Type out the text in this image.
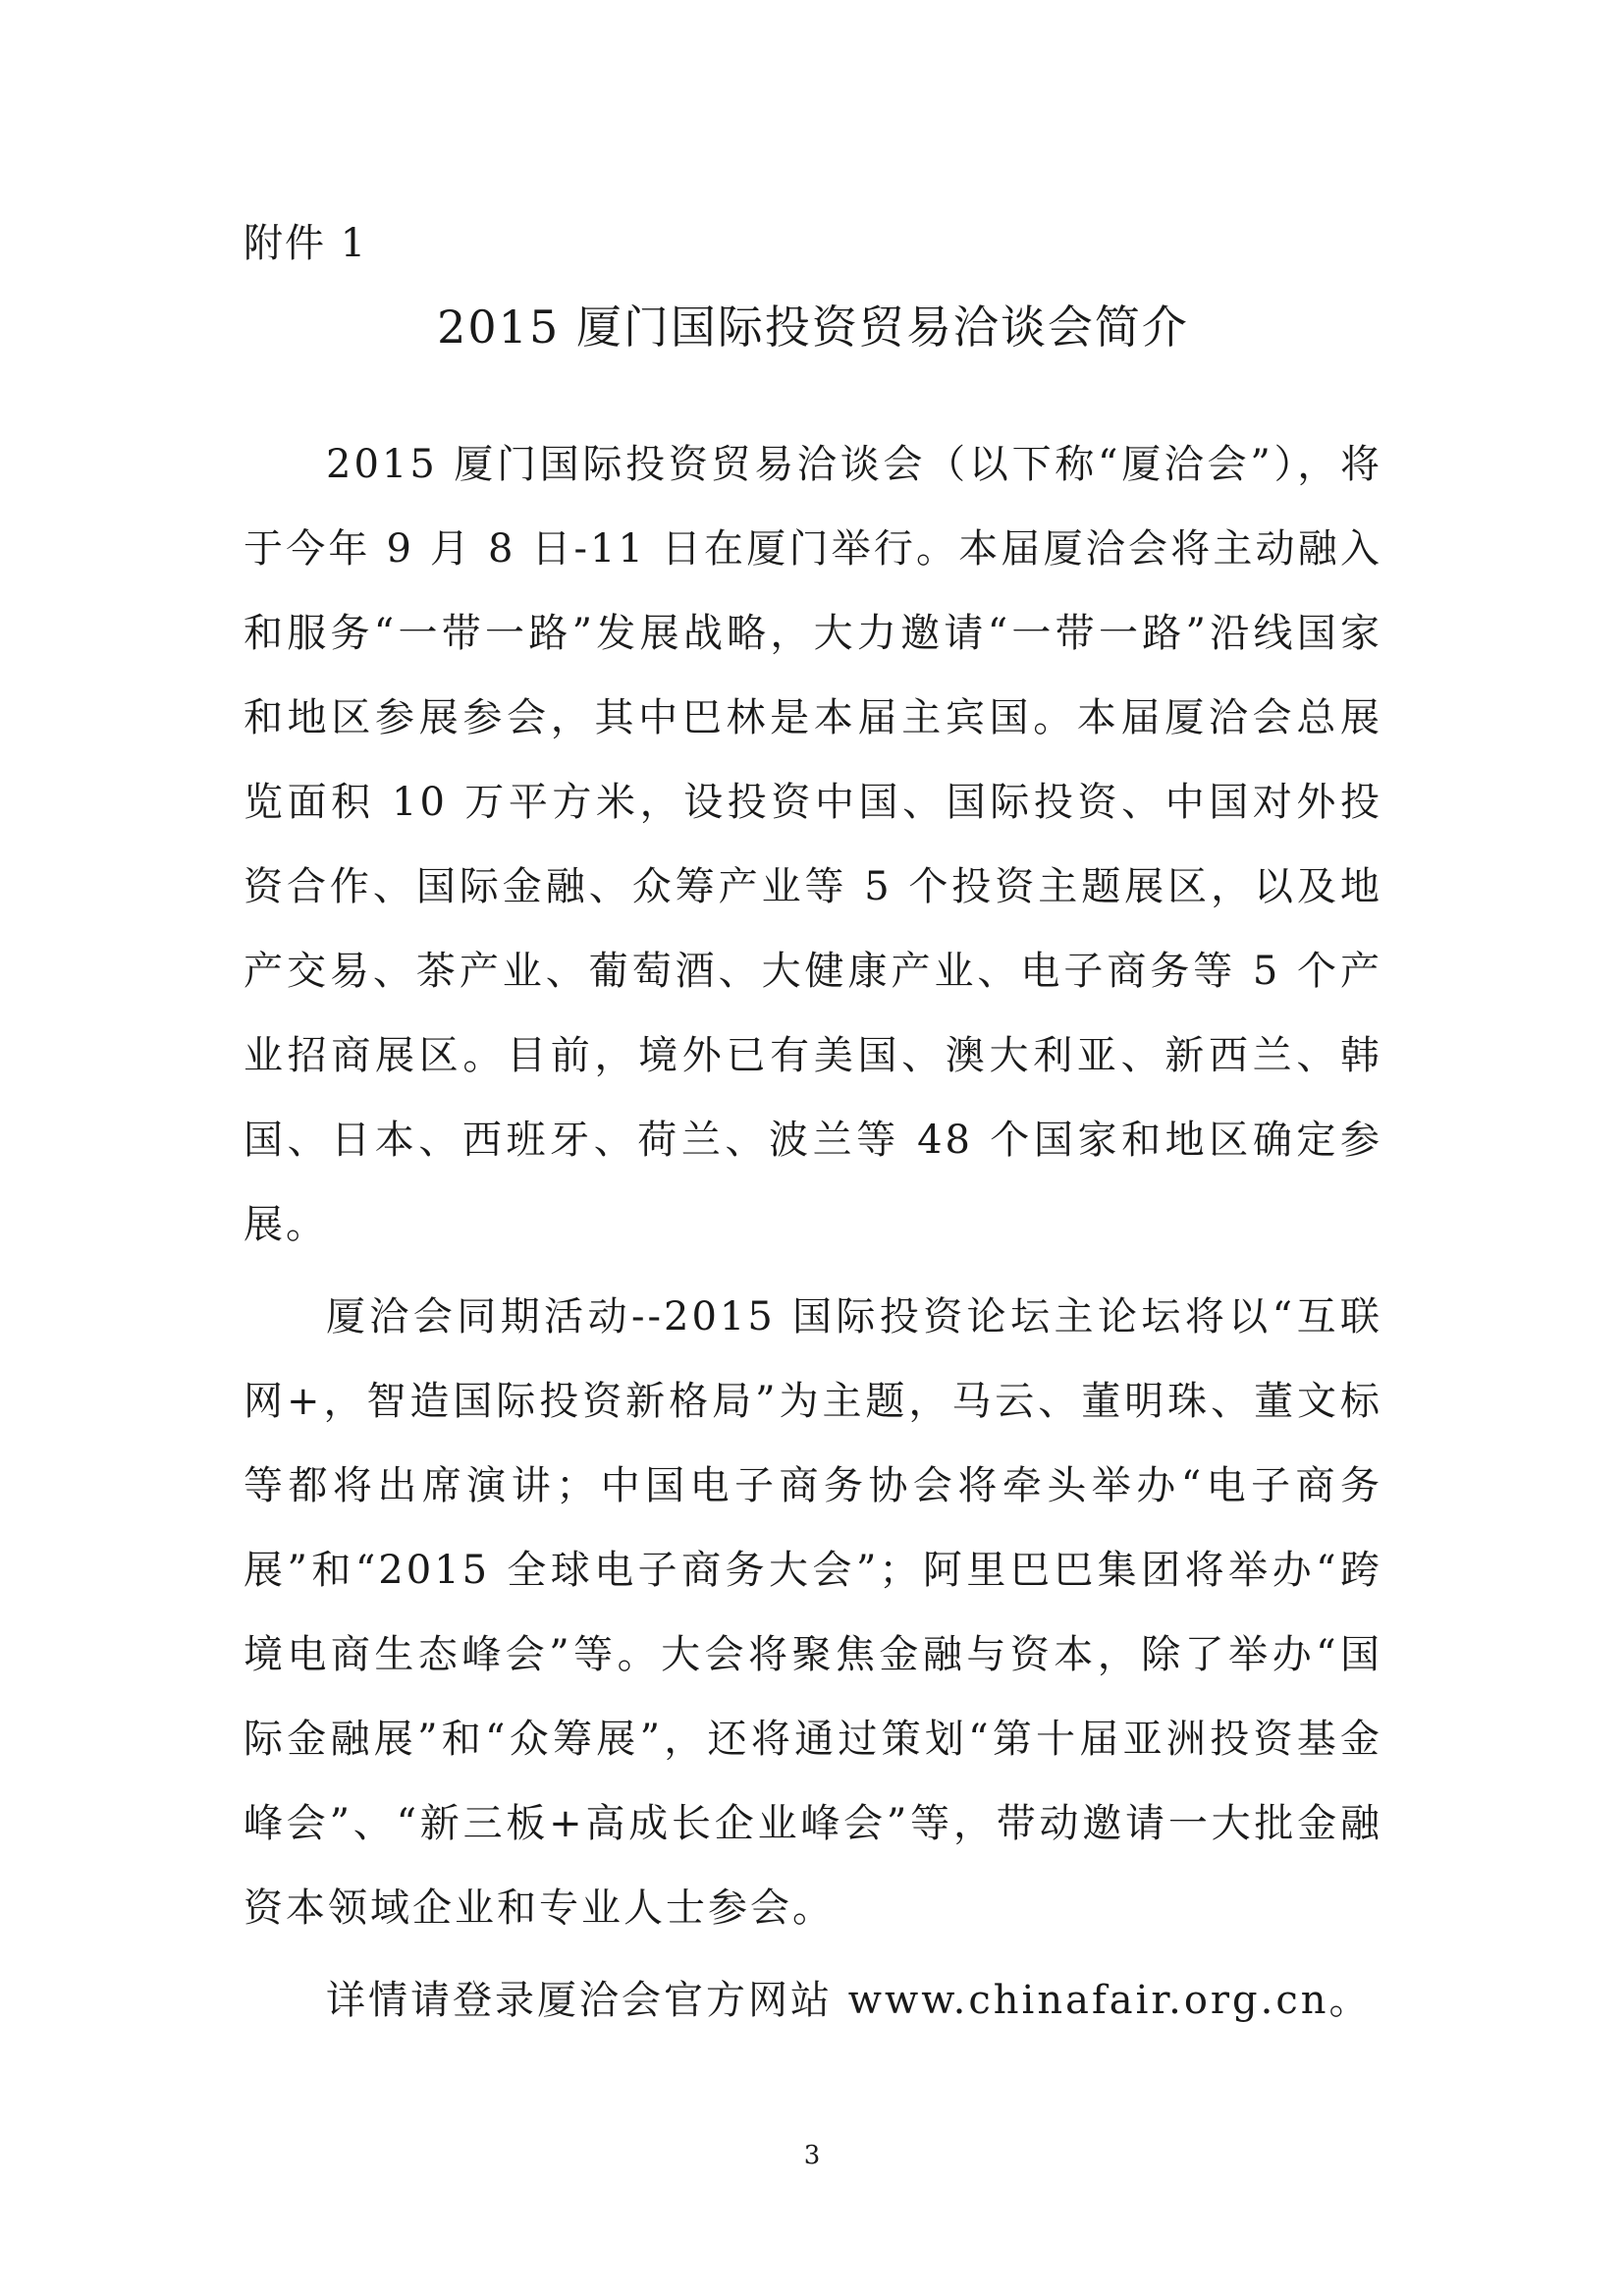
附件 1

2015 厦门国际投资贸易洽谈会简介

2015 厦门国际投资贸易洽谈会（以下称“厦洽会”），将于今年 9 月 8 日-11 日在厦门举行。本届厦洽会将主动融入和服务“一带一路”发展战略，大力邀请“一带一路”沿线国家和地区参展参会，其中巴林是本届主宾国。本届厦洽会总展览面积 10 万平方米，设投资中国、国际投资、中国对外投资合作、国际金融、众筹产业等 5 个投资主题展区，以及地产交易、茶产业、葡萄酒、大健康产业、电子商务等 5 个产业招商展区。目前，境外已有美国、澳大利亚、新西兰、韩国、日本、西班牙、荷兰、波兰等 48 个国家和地区确定参展。

厦洽会同期活动--2015 国际投资论坛主论坛将以“互联网+，智造国际投资新格局”为主题，马云、董明珠、董文标等都将出席演讲；中国电子商务协会将牵头举办“电子商务展”和“2015 全球电子商务大会”；阿里巴巴集团将举办“跨境电商生态峰会”等。大会将聚焦金融与资本，除了举办“国际金融展”和“众筹展”，还将通过策划“第十届亚洲投资基金峰会”、“新三板+高成长企业峰会”等，带动邀请一大批金融资本领域企业和专业人士参会。

详情请登录厦洽会官方网站 www.chinafair.org.cn。

3
